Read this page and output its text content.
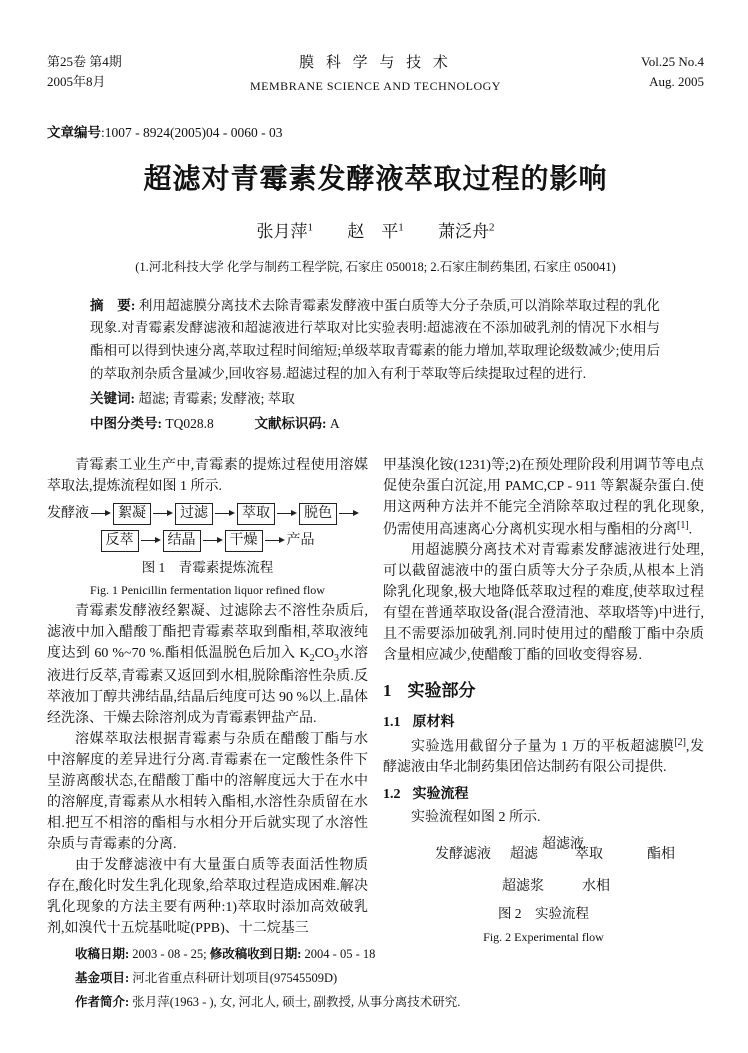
第25卷 第4期
2005年8月
膜 科 学 与 技 术
MEMBRANE SCIENCE AND TECHNOLOGY
Vol.25 No.4
Aug. 2005
文章编号:1007 - 8924(2005)04 - 0060 - 03
超滤对青霉素发酵液萃取过程的影响
张月萍$^1$ 赵　平$^1$ 萧泛舟$^2$
(1.河北科技大学 化学与制药工程学院, 石家庄 050018; 2.石家庄制药集团, 石家庄 050041)
摘　要: 利用超滤膜分离技术去除青霉素发酵液中蛋白质等大分子杂质,可以消除萃取过程的乳化现象.对青霉素发酵滤液和超滤液进行萃取对比实验表明:超滤液在不添加破乳剂的情况下水相与酯相可以得到快速分离,萃取过程时间缩短;单级萃取青霉素的能力增加,萃取理论级数减少;使用后的萃取剂杂质含量减少,回收容易.超滤过程的加入有利于萃取等后续提取过程的进行.
关键词: 超滤; 青霉素; 发酵液; 萃取
中图分类号: TQ028.8	文献标识码: A

青霉素工业生产中,青霉素的提炼过程使用溶媒萃取法,提炼流程如图 1 所示.

发酵液	絮凝	过滤	萃取	脱色
反萃	结晶	干燥	产品
图 1　青霉素提炼流程
Fig. 1 Penicillin fermentation liquor refined flow

青霉素发酵液经絮凝、过滤除去不溶性杂质后,滤液中加入醋酸丁酯把青霉素萃取到酯相,萃取液纯度达到 60 %~70 %.酯相低温脱色后加入 $K_2CO_3$水溶液进行反萃,青霉素又返回到水相,脱除酯溶性杂质.反萃液加丁醇共沸结晶,结晶后纯度可达 90 %以上.晶体经洗涤、干燥去除溶剂成为青霉素钾盐产品.

溶媒萃取法根据青霉素与杂质在醋酸丁酯与水中溶解度的差异进行分离.青霉素在一定酸性条件下呈游离酸状态,在醋酸丁酯中的溶解度远大于在水中的溶解度,青霉素从水相转入酯相,水溶性杂质留在水相.把互不相溶的酯相与水相分开后就实现了水溶性杂质与青霉素的分离.

由于发酵滤液中有大量蛋白质等表面活性物质存在,酸化时发生乳化现象,给萃取过程造成困难.解决乳化现象的方法主要有两种:1)萃取时添加高效破乳剂,如溴代十五烷基吡啶(PPB)、十二烷基三

甲基溴化铵(1231)等;2)在预处理阶段利用调节等电点促使杂蛋白沉淀,用 PAMC,CP - 911 等絮凝杂蛋白.使用这两种方法并不能完全消除萃取过程的乳化现象,仍需使用高速离心分离机实现水相与酯相的分离[1].

用超滤膜分离技术对青霉素发酵滤液进行处理,可以截留滤液中的蛋白质等大分子杂质,从根本上消除乳化现象,极大地降低萃取过程的难度,使萃取过程有望在普通萃取设备(混合澄清池、萃取塔等)中进行,且不需要添加破乳剂.同时使用过的醋酸丁酯中杂质含量相应减少,使醋酸丁酯的回收变得容易.

1 实验部分
1.1 原材料

实验选用截留分子量为 1 万的平板超滤膜[2],发酵滤液由华北制药集团倍达制药有限公司提供.

1.2 实验流程

实验流程如图 2 所示.

发酵滤液 超滤
超滤液
萃取	酯相
超滤浆	水相
图 2　实验流程
Fig. 2 Experimental flow
收稿日期: 2003 - 08 - 25; 修改稿收到日期: 2004 - 05 - 18
基金项目: 河北省重点科研计划项目(97545509D)
作者简介: 张月萍(1963 - ), 女, 河北人, 硕士, 副教授, 从事分离技术研究.
